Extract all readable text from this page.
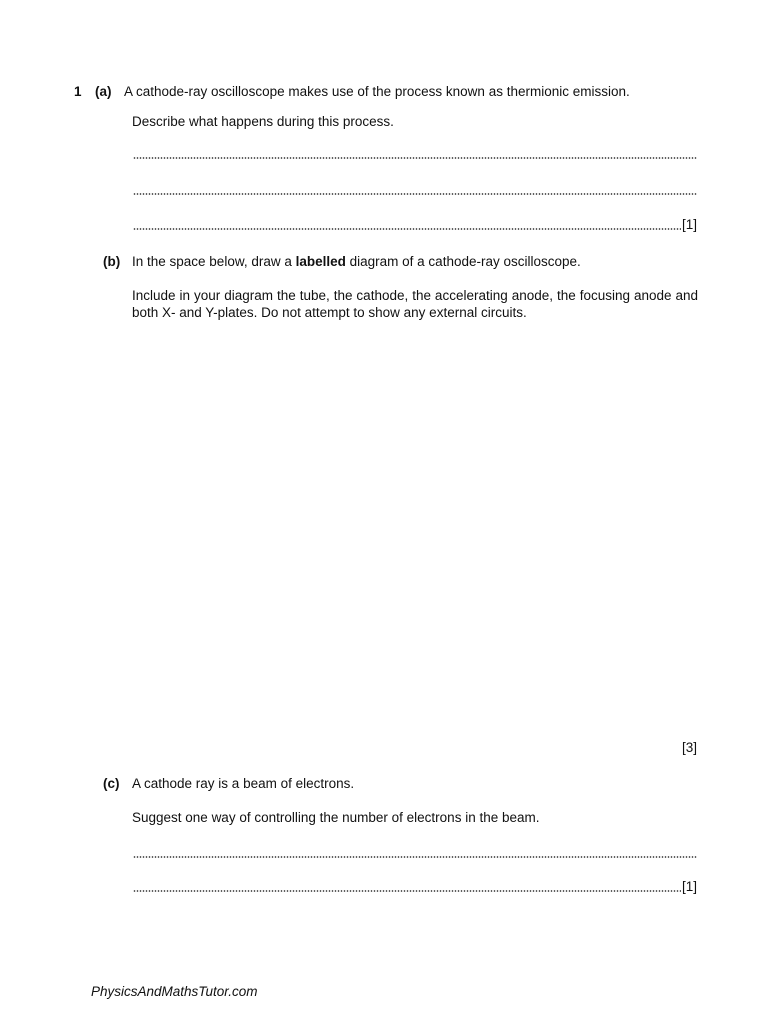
1 (a) A cathode-ray oscilloscope makes use of the process known as thermionic emission.
Describe what happens during this process.
[1]
(b) In the space below, draw a labelled diagram of a cathode-ray oscilloscope.
Include in your diagram the tube, the cathode, the accelerating anode, the focusing anode and both X- and Y-plates. Do not attempt to show any external circuits.
[3]
(c) A cathode ray is a beam of electrons.
Suggest one way of controlling the number of electrons in the beam.
[1]
PhysicsAndMathsTutor.com
